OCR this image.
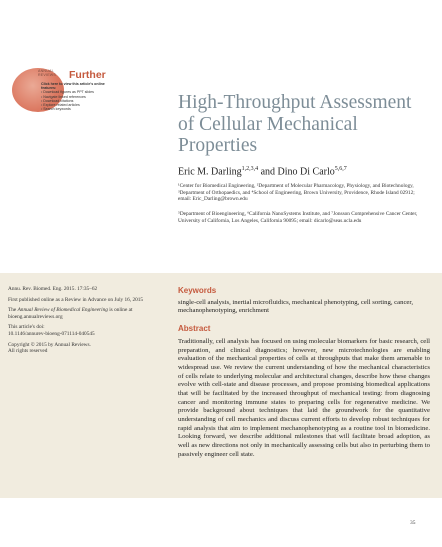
ANNUAL
REVIEWS Further
Click here to view this article's online features:
• Download figures as PPT slides
• Navigate linked references
• Download citations
• Explore related articles
• Search keywords	High-Throughput Assessment of Cellular Mechanical Properties
Eric M. Darling$^{1,2,3,4}$ and Dino Di Carlo$^{5,6,7}$

¹Center for Biomedical Engineering, ²Department of Molecular Pharmacology, Physiology, and Biotechnology, ³Department of Orthopaedics, and ⁴School of Engineering, Brown University, Providence, Rhode Island 02912; email: Eric_Darling@brown.edu

⁵Department of Bioengineering, ⁶California NanoSystems Institute, and ⁷Jonsson Comprehensive Cancer Center, University of California, Los Angeles, California 90095; email: dicarlo@seas.ucla.edu

Annu. Rev. Biomed. Eng. 2015. 17:35–62

First published online as a Review in Advance on July 16, 2015

The Annual Review of Biomedical Engineering is online at bioeng.annualreviews.org

This article's doi:
10.1146/annurev-bioeng-071114-040545

Copyright © 2015 by Annual Reviews.
All rights reserved

Keywords

single-cell analysis, inertial microfluidics, mechanical phenotyping, cell sorting, cancer, mechanophenotyping, enrichment

Abstract

Traditionally, cell analysis has focused on using molecular biomarkers for basic research, cell preparation, and clinical diagnostics; however, new microtechnologies are enabling evaluation of the mechanical properties of cells at throughputs that make them amenable to widespread use. We review the current understanding of how the mechanical characteristics of cells relate to underlying molecular and architectural changes, describe how these changes evolve with cell-state and disease processes, and propose promising biomedical applications that will be facilitated by the increased throughput of mechanical testing: from diagnosing cancer and monitoring immune states to preparing cells for regenerative medicine. We provide background about techniques that laid the groundwork for the quantitative understanding of cell mechanics and discuss current efforts to develop robust techniques for rapid analysis that aim to implement mechanophenotyping as a routine tool in biomedicine. Looking forward, we describe additional milestones that will facilitate broad adoption, as well as new directions not only in mechanically assessing cells but also in perturbing them to passively engineer cell state.

35
